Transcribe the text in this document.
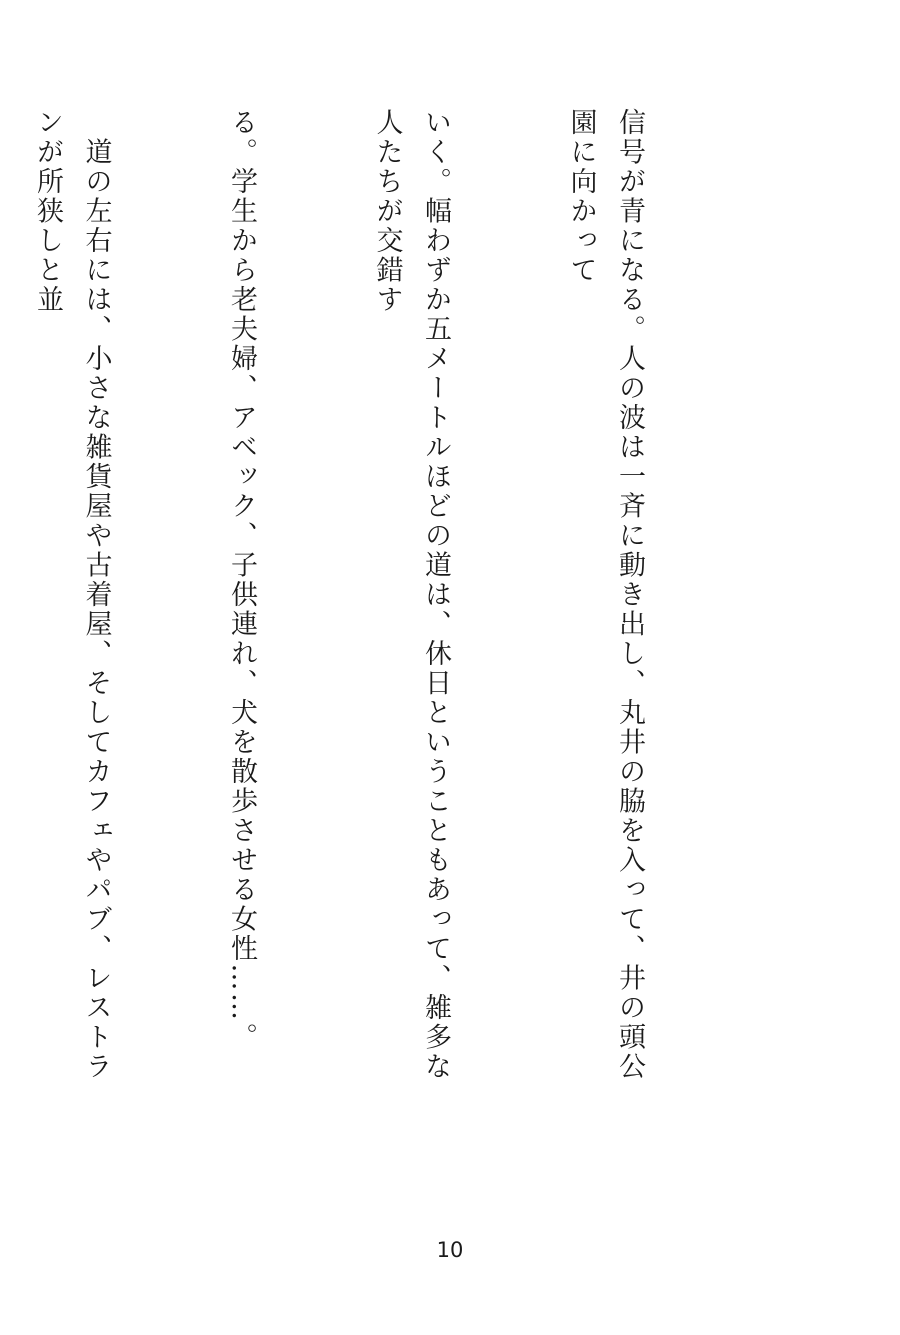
信号が青になる。人の波は一斉に動き出し、丸井の脇を入って、井の頭公園に向かって

いく。幅わずか五メートルほどの道は、休日ということもあって、雑多な人たちが交錯す

る。学生から老夫婦、アベック、子供連れ、犬を散歩させる女性……。

　道の左右には、小さな雑貨屋や古着屋、そしてカフェやパブ、レストランが所狭しと並

10
